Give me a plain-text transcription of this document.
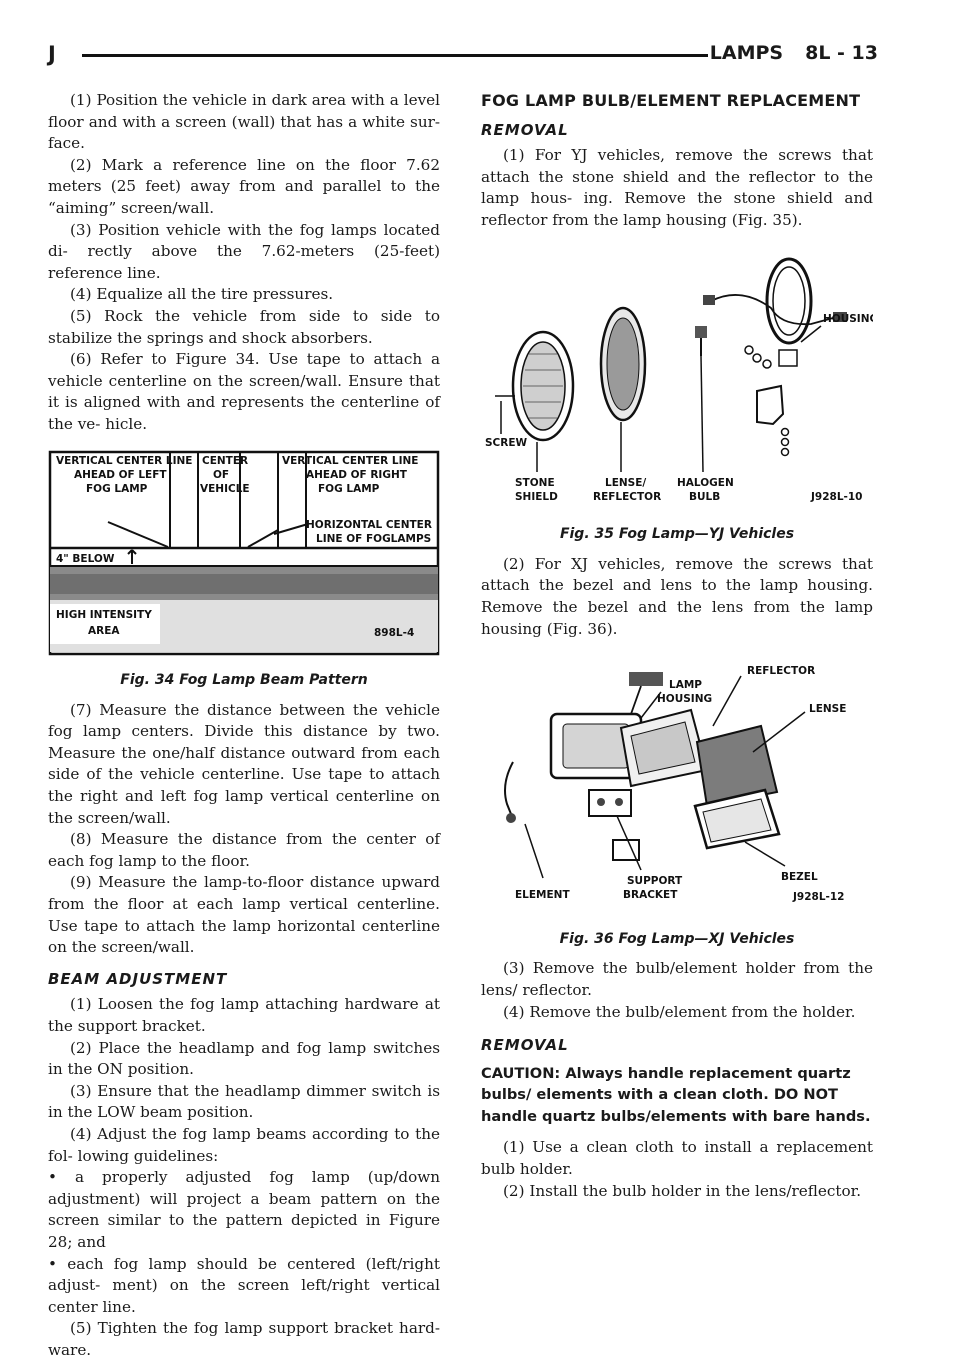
J	LAMPS 8L - 13

(1) Position the vehicle in dark area with a level floor and with a screen (wall) that has a white sur- face.

(2) Mark a reference line on the floor 7.62 meters (25 feet) away from and parallel to the “aiming” screen/wall.

(3) Position vehicle with the fog lamps located di- rectly above the 7.62-meters (25-feet) reference line.

(4) Equalize all the tire pressures.

(5) Rock the vehicle from side to side to stabilize the springs and shock absorbers.

(6) Refer to Figure 34. Use tape to attach a vehicle centerline on the screen/wall. Ensure that it is aligned with and represents the centerline of the ve- hicle.

VERTICAL CENTER LINE
AHEAD OF LEFT
FOG LAMP
CENTER
OF
VEHICLE
VERTICAL CENTER LINE
AHEAD OF RIGHT
FOG LAMP
HORIZONTAL CENTER
LINE OF FOGLAMPS
4" BELOW
HIGH INTENSITY
AREA	898L-4
Fig. 34 Fog Lamp Beam Pattern

(7) Measure the distance between the vehicle fog lamp centers. Divide this distance by two. Measure the one/half distance outward from each side of the vehicle centerline. Use tape to attach the right and left fog lamp vertical centerline on the screen/wall.

(8) Measure the distance from the center of each fog lamp to the floor.

(9) Measure the lamp-to-floor distance upward from the floor at each lamp vertical centerline. Use tape to attach the lamp horizontal centerline on the screen/wall.

BEAM ADJUSTMENT

(1) Loosen the fog lamp attaching hardware at the support bracket.

(2) Place the headlamp and fog lamp switches in the ON position.

(3) Ensure that the headlamp dimmer switch is in the LOW beam position.

(4) Adjust the fog lamp beams according to the fol- lowing guidelines:

• a properly adjusted fog lamp (up/down adjustment) will project a beam pattern on the screen similar to the pattern depicted in Figure 28; and

• each fog lamp should be centered (left/right adjust- ment) on the screen left/right vertical center line.

(5) Tighten the fog lamp support bracket hard- ware.

FOG LAMP BULB/ELEMENT REPLACEMENT
REMOVAL

(1) For YJ vehicles, remove the screws that attach the stone shield and the reflector to the lamp hous- ing. Remove the stone shield and reflector from the lamp housing (Fig. 35).

HOUSING
SCREW
STONE
SHIELD
LENSE/
REFLECTOR
HALOGEN
BULB	J928L-10
Fig. 35 Fog Lamp—YJ Vehicles

(2) For XJ vehicles, remove the screws that attach the bezel and lens to the lamp housing. Remove the bezel and the lens from the lamp housing (Fig. 36).

REFLECTOR
LAMP
HOUSING
LENSE
BEZEL
ELEMENT
SUPPORT
BRACKET	J928L-12
Fig. 36 Fog Lamp—XJ Vehicles

(3) Remove the bulb/element holder from the lens/ reflector.

(4) Remove the bulb/element from the holder.

REMOVAL

CAUTION: Always handle replacement quartz bulbs/ elements with a clean cloth. DO NOT handle quartz bulbs/elements with bare hands.

(1) Use a clean cloth to install a replacement bulb holder.

(2) Install the bulb holder in the lens/reflector.
